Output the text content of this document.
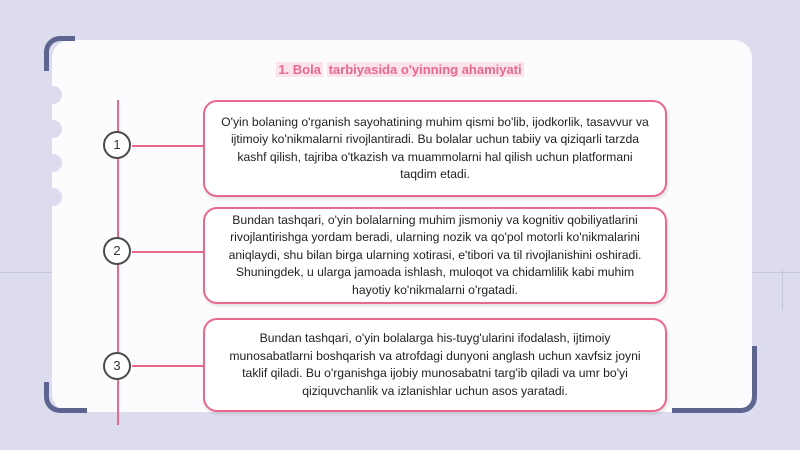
1. Bola tarbiyasida o'yinning ahamiyati
1
O'yin bolaning o'rganish sayohatining muhim qismi bo'lib, ijodkorlik, tasavvur va ijtimoiy ko'nikmalarni rivojlantiradi. Bu bolalar uchun tabiiy va qiziqarli tarzda kashf qilish, tajriba o'tkazish va muammolarni hal qilish uchun platformani taqdim etadi.
2
Bundan tashqari, o'yin bolalarning muhim jismoniy va kognitiv qobiliyatlarini rivojlantirishga yordam beradi, ularning nozik va qo'pol motorli ko'nikmalarini aniqlaydi, shu bilan birga ularning xotirasi, e'tibori va til rivojlanishini oshiradi. Shuningdek, u ularga jamoada ishlash, muloqot va chidamlilik kabi muhim hayotiy ko'nikmalarni o'rgatadi.
3
Bundan tashqari, o'yin bolalarga his-tuyg'ularini ifodalash, ijtimoiy munosabatlarni boshqarish va atrofdagi dunyoni anglash uchun xavfsiz joyni taklif qiladi. Bu o'rganishga ijobiy munosabatni targ'ib qiladi va umr bo'yi qiziquvchanlik va izlanishlar uchun asos yaratadi.
